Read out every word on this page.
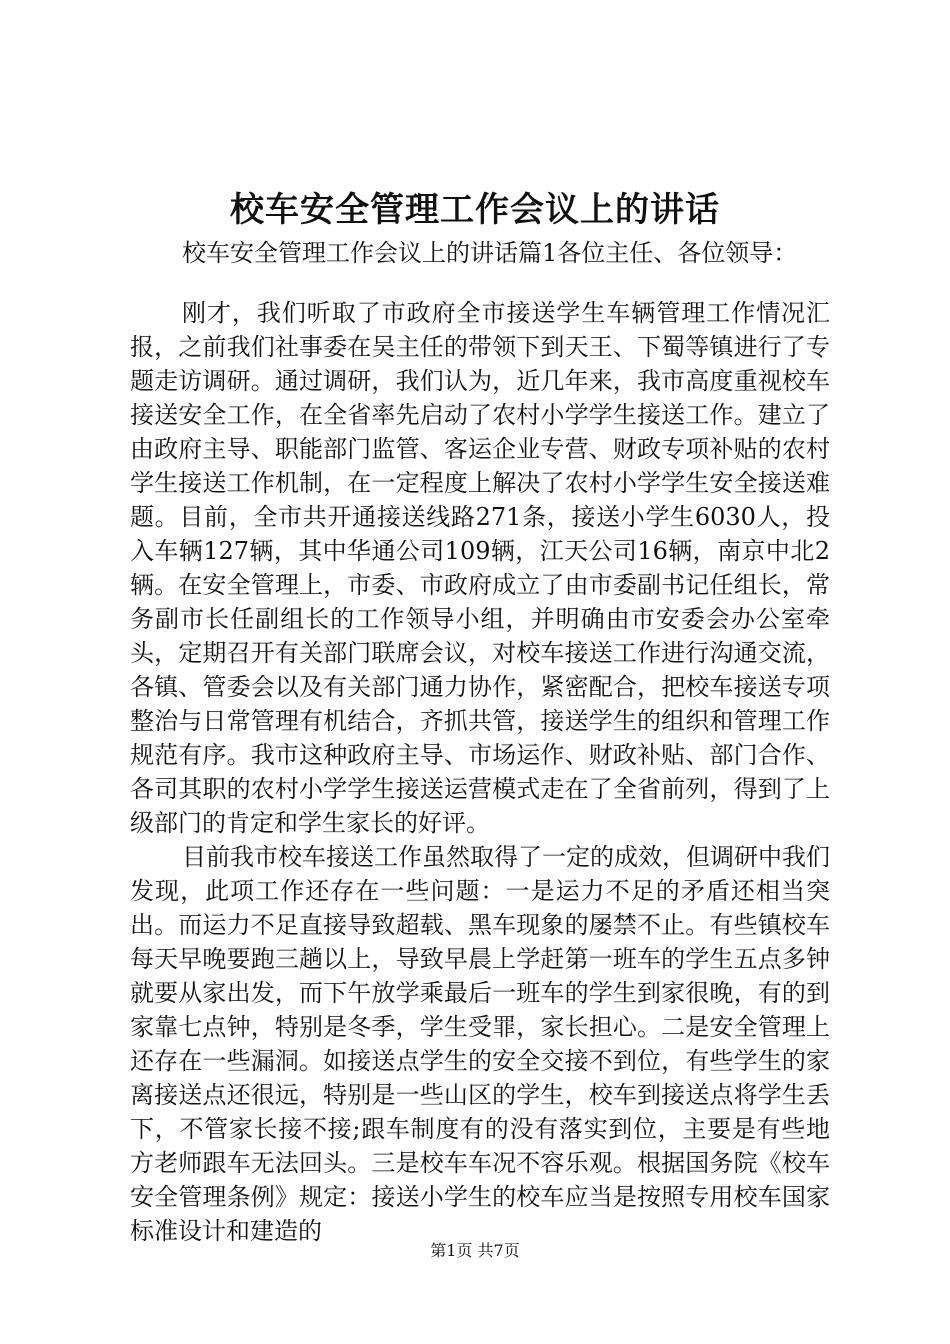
校车安全管理工作会议上的讲话

校车安全管理工作会议上的讲话篇1各位主任、各位领导：

刚才，我们听取了市政府全市接送学生车辆管理工作情况汇报，之前我们社事委在吴主任的带领下到天王、下蜀等镇进行了专题走访调研。通过调研，我们认为，近几年来，我市高度重视校车接送安全工作，在全省率先启动了农村小学学生接送工作。建立了由政府主导、职能部门监管、客运企业专营、财政专项补贴的农村学生接送工作机制，在一定程度上解决了农村小学学生安全接送难题。目前，全市共开通接送线路271条，接送小学生6030人，投入车辆127辆，其中华通公司109辆，江天公司16辆，南京中北2辆。在安全管理上，市委、市政府成立了由市委副书记任组长，常务副市长任副组长的工作领导小组，并明确由市安委会办公室牵头，定期召开有关部门联席会议，对校车接送工作进行沟通交流，各镇、管委会以及有关部门通力协作，紧密配合，把校车接送专项整治与日常管理有机结合，齐抓共管，接送学生的组织和管理工作规范有序。我市这种政府主导、市场运作、财政补贴、部门合作、各司其职的农村小学学生接送运营模式走在了全省前列，得到了上级部门的肯定和学生家长的好评。

目前我市校车接送工作虽然取得了一定的成效，但调研中我们发现，此项工作还存在一些问题：一是运力不足的矛盾还相当突出。而运力不足直接导致超载、黑车现象的屡禁不止。有些镇校车每天早晚要跑三趟以上，导致早晨上学赶第一班车的学生五点多钟就要从家出发，而下午放学乘最后一班车的学生到家很晚，有的到家靠七点钟，特别是冬季，学生受罪，家长担心。二是安全管理上还存在一些漏洞。如接送点学生的安全交接不到位，有些学生的家离接送点还很远，特别是一些山区的学生，校车到接送点将学生丢下，不管家长接不接;跟车制度有的没有落实到位，主要是有些地方老师跟车无法回头。三是校车车况不容乐观。根据国务院《校车安全管理条例》规定：接送小学生的校车应当是按照专用校车国家标准设计和建造的

第1页 共7页
